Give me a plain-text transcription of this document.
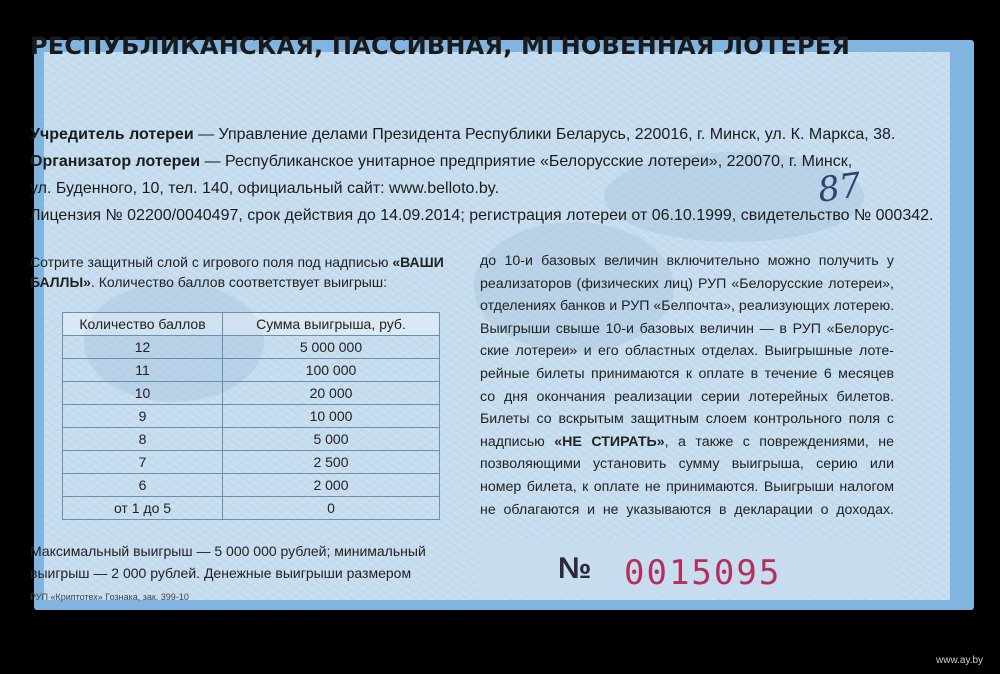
РЕСПУБЛИКАНСКАЯ, ПАССИВНАЯ, МГНОВЕННАЯ ЛОТЕРЕЯ
Учредитель лотереи — Управление делами Президента Республики Беларусь, 220016, г. Минск, ул. К. Маркса, 38.
Организатор лотереи — Республиканское унитарное предприятие «Белорусские лотереи», 220070, г. Минск,
ул. Буденного, 10, тел. 140, официальный сайт: www.belloto.by.
Лицензия № 02200/0040497, срок действия до 14.09.2014; регистрация лотереи от 06.10.1999, свидетельство № 000342.
Сотрите защитный слой с игрового поля под надписью «ВАШИ БАЛЛЫ». Количество баллов соответствует выигрыш:
Количество баллов	Сумма выигрыша, руб.
12	5 000 000
11	100 000
10	20 000
9	10 000
8	5 000
7	2 500
6	2 000
от 1 до 5	0
Максимальный выигрыш — 5 000 000 рублей; минимальный выигрыш — 2 000 рублей. Денежные выигрыши размером
РУП «Криптотех» Гознака, зак. 399-10
до 10-и базовых величин включительно можно получить у
реализаторов (физических лиц) РУП «Белорусские лотереи»,
отделениях банков и РУП «Белпочта», реализующих лотерею.
Выигрыши свыше 10-и базовых величин — в РУП «Белорус-
ские лотереи» и его областных отделах. Выигрышные лоте-
рейные билеты принимаются к оплате в течение 6 месяцев
со дня окончания реализации серии лотерейных билетов.
Билеты со вскрытым защитным слоем контрольного поля с
надписью «НЕ СТИРАТЬ», а также с повреждениями, не
позволяющими установить сумму выигрыша, серию или
номер билета, к оплате не принимаются. Выигрыши налогом
не облагаются и не указываются в декларации о доходах.
№ 0015095
87
www.ay.by
